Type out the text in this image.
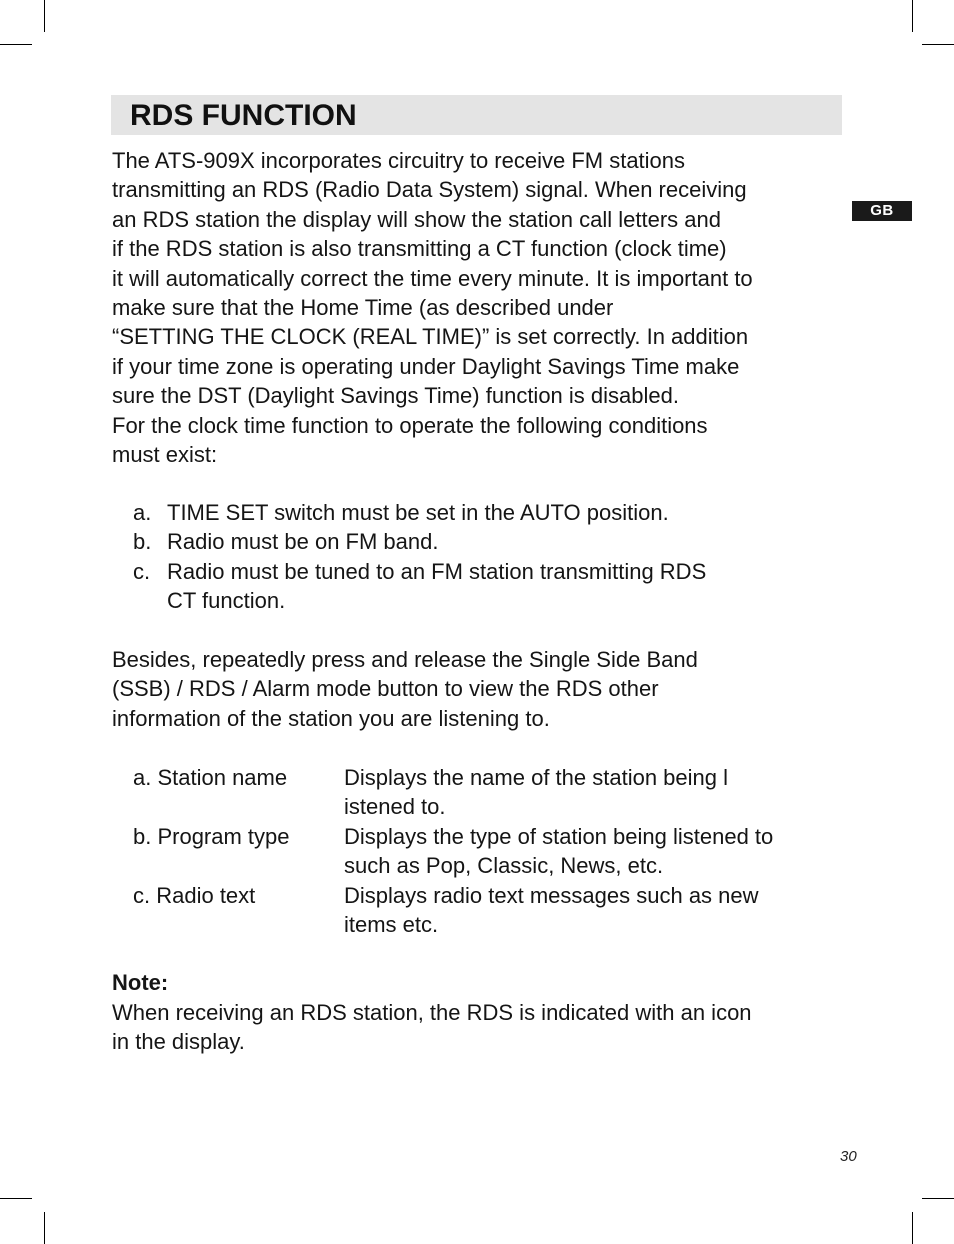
RDS FUNCTION
GB
The ATS-909X incorporates circuitry to receive FM stations
transmitting an RDS (Radio Data System) signal. When receiving
an RDS station the display will show the station call letters and
if the RDS station is also transmitting a CT function (clock time)
it will automatically correct the time every minute. It is important to
make sure that the Home Time (as described under
“SETTING THE CLOCK (REAL TIME)” is set correctly. In addition
if your time zone is operating under Daylight Savings Time make
sure the DST (Daylight Savings Time) function is disabled.
For the clock time function to operate the following conditions
must exist:
a. TIME SET switch must be set in the AUTO position.
b. Radio must be on FM band.
c. Radio must be tuned to an FM station transmitting RDS
CT function.
Besides, repeatedly press and release the Single Side Band
(SSB) / RDS / Alarm mode button to view the RDS other
information of the station you are listening to.
a. Station name	Displays the name of the station being l
istened to.
b. Program type Displays the type of station being listened to
such as Pop, Classic, News, etc.
c. Radio text	Displays radio text messages such as new
items etc.
Note:
When receiving an RDS station, the RDS is indicated with an icon
in the display.
30
